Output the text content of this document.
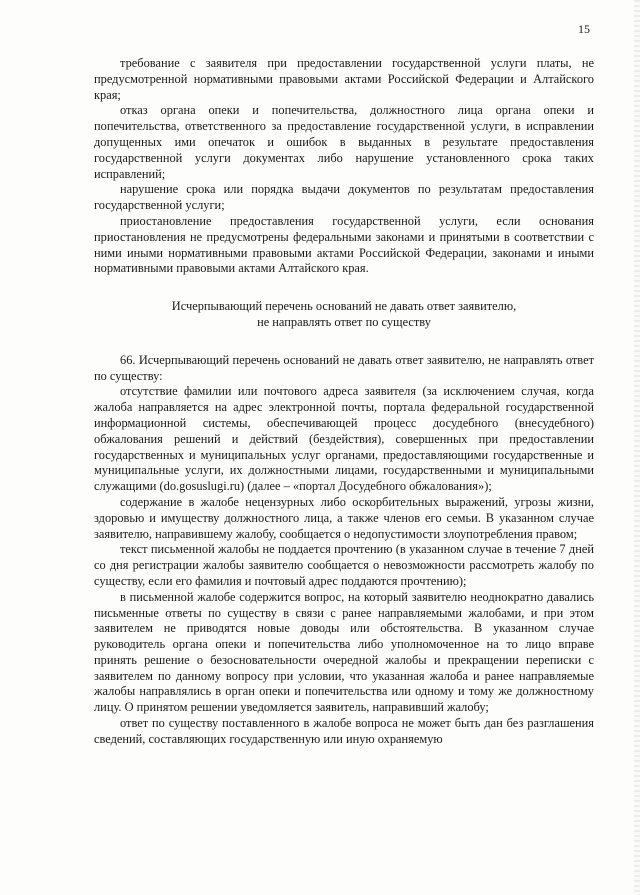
15

требование с заявителя при предоставлении государственной услуги платы, не предусмотренной нормативными правовыми актами Российской Федерации и Алтайского края;

отказ органа опеки и попечительства, должностного лица органа опеки и попечительства, ответственного за предоставление государственной услуги, в исправлении допущенных ими опечаток и ошибок в выданных в результате предоставления государственной услуги документах либо нарушение установленного срока таких исправлений;

нарушение срока или порядка выдачи документов по результатам предоставления государственной услуги;

приостановление предоставления государственной услуги, если основания приостановления не предусмотрены федеральными законами и принятыми в соответствии с ними иными нормативными правовыми актами Российской Федерации, законами и иными нормативными правовыми актами Алтайского края.

Исчерпывающий перечень оснований не давать ответ заявителю,
не направлять ответ по существу

66. Исчерпывающий перечень оснований не давать ответ заявителю, не направлять ответ по существу:

отсутствие фамилии или почтового адреса заявителя (за исключением случая, когда жалоба направляется на адрес электронной почты, портала федеральной государственной информационной системы, обеспечивающей процесс досудебного (внесудебного) обжалования решений и действий (бездействия), совершенных при предоставлении государственных и муниципальных услуг органами, предоставляющими государственные и муниципальные услуги, их должностными лицами, государственными и муниципальными служащими (do.gosuslugi.ru) (далее – «портал Досудебного обжалования»);

содержание в жалобе нецензурных либо оскорбительных выражений, угрозы жизни, здоровью и имуществу должностного лица, а также членов его семьи. В указанном случае заявителю, направившему жалобу, сообщается о недопустимости злоупотребления правом;

текст письменной жалобы не поддается прочтению (в указанном случае в течение 7 дней со дня регистрации жалобы заявителю сообщается о невозможности рассмотреть жалобу по существу, если его фамилия и почтовый адрес поддаются прочтению);

в письменной жалобе содержится вопрос, на который заявителю неоднократно давались письменные ответы по существу в связи с ранее направляемыми жалобами, и при этом заявителем не приводятся новые доводы или обстоятельства. В указанном случае руководитель органа опеки и попечительства либо уполномоченное на то лицо вправе принять решение о безосновательности очередной жалобы и прекращении переписки с заявителем по данному вопросу при условии, что указанная жалоба и ранее направляемые жалобы направлялись в орган опеки и попечительства или одному и тому же должностному лицу. О принятом решении уведомляется заявитель, направивший жалобу;

ответ по существу поставленного в жалобе вопроса не может быть дан без разглашения сведений, составляющих государственную или иную охраняемую
